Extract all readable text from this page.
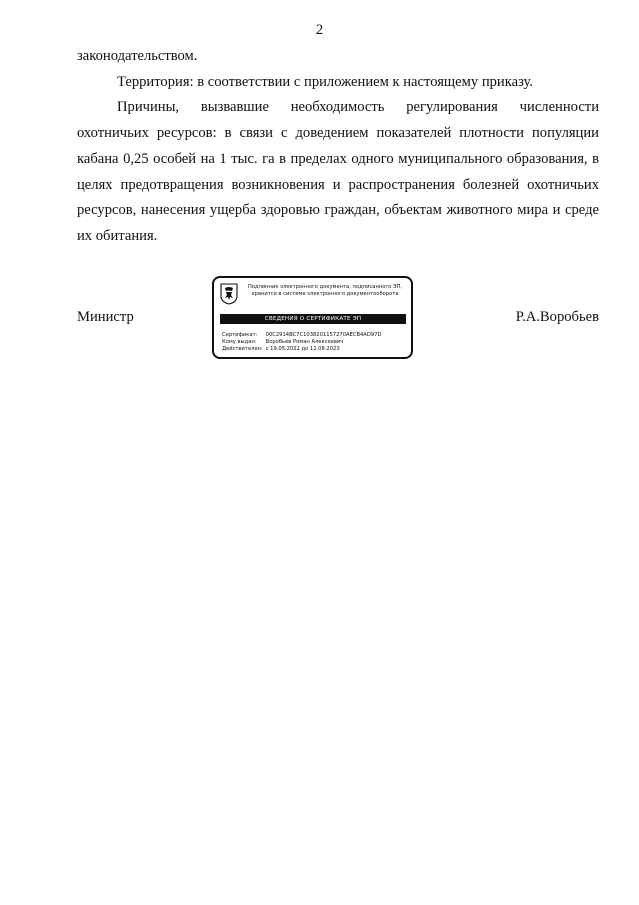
2

законодательством.

Территория: в соответствии с приложением к настоящему приказу.

Причины, вызвавшие необходимость регулирования численности охотничьих ресурсов: в связи с доведением показателей плотности популяции кабана 0,25 особей на 1 тыс. га в пределах одного муниципального образования, в целях предотвращения возникновения и распространения болезней охотничьих ресурсов, нанесения ущерба здоровью граждан, объектам животного мира и среде их обитания.

Министр	Р.А.Воробьев
Подлинник электронного документа, подписанного ЭП,
хранится в системе электронного документооборота
СВЕДЕНИЯ О СЕРТИФИКАТЕ ЭП
Сертификат: 00C2914BC7C1038201157270AECB4AD97D
Кому выдан: Воробьев Роман Алексеевич
Действителен: с 19.05.2022 до 12.08.2023
